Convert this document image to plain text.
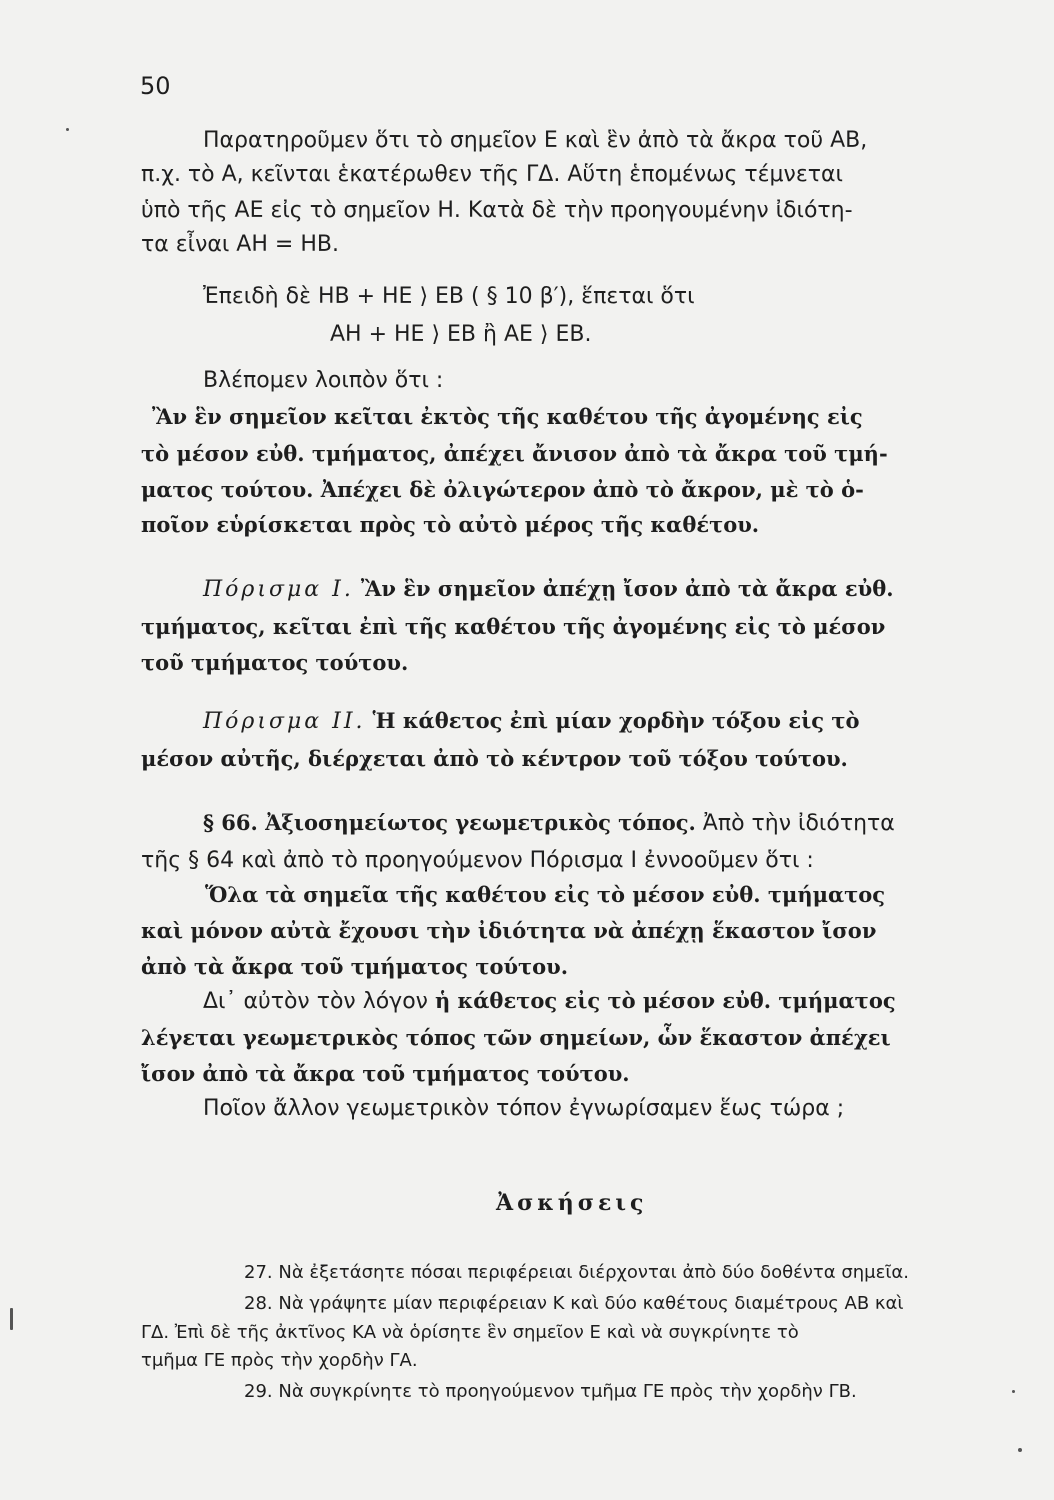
50
Παρατηροῦμεν ὅτι τὸ σημεῖον Ε καὶ ἓν ἀπὸ τὰ ἄκρα τοῦ ΑΒ,
π.χ. τὸ Α, κεῖνται ἑκατέρωθεν τῆς ΓΔ. Αὕτη ἑπομένως τέμνεται
ὑπὸ τῆς ΑΕ εἰς τὸ σημεῖον Η. Κατὰ δὲ τὴν προηγουμένην ἰδιότη-
τα εἶναι ΑΗ = ΗΒ.
Ἐπειδὴ δὲ ΗΒ + ΗΕ ⟩ ΕΒ ( § 10 β′), ἕπεται ὅτι
ΑΗ + ΗΕ ⟩ ΕΒ ἢ ΑΕ ⟩ ΕΒ.
Βλέπομεν λοιπὸν ὅτι :
Ἂν ἓν σημεῖον κεῖται ἐκτὸς τῆς καθέτου τῆς ἀγομένης εἰς
τὸ μέσον εὐθ. τμήματος, ἀπέχει ἄνισον ἀπὸ τὰ ἄκρα τοῦ τμή-
ματος τούτου. Ἀπέχει δὲ ὀλιγώτερον ἀπὸ τὸ ἄκρον, μὲ τὸ ὁ-
ποῖον εὑρίσκεται πρὸς τὸ αὐτὸ μέρος τῆς καθέτου.
Πόρισμα I. Ἂν ἓν σημεῖον ἀπέχῃ ἴσον ἀπὸ τὰ ἄκρα εὐθ.
τμήματος, κεῖται ἐπὶ τῆς καθέτου τῆς ἀγομένης εἰς τὸ μέσον
τοῦ τμήματος τούτου.
Πόρισμα II. Ἡ κάθετος ἐπὶ μίαν χορδὴν τόξου εἰς τὸ
μέσον αὐτῆς, διέρχεται ἀπὸ τὸ κέντρον τοῦ τόξου τούτου.
§ 66. Ἀξιοσημείωτος γεωμετρικὸς τόπος. Ἀπὸ τὴν ἰδιότητα
τῆς § 64 καὶ ἀπὸ τὸ προηγούμενον Πόρισμα I ἐννοοῦμεν ὅτι :
Ὅλα τὰ σημεῖα τῆς καθέτου εἰς τὸ μέσον εὐθ. τμήματος
καὶ μόνον αὐτὰ ἔχουσι τὴν ἰδιότητα νὰ ἀπέχῃ ἕκαστον ἴσον
ἀπὸ τὰ ἄκρα τοῦ τμήματος τούτου.
Δι᾿ αὐτὸν τὸν λόγον ἡ κάθετος εἰς τὸ μέσον εὐθ. τμήματος
λέγεται γεωμετρικὸς τόπος τῶν σημείων, ὧν ἕκαστον ἀπέχει
ἴσον ἀπὸ τὰ ἄκρα τοῦ τμήματος τούτου.
Ποῖον ἄλλον γεωμετρικὸν τόπον ἐγνωρίσαμεν ἕως τώρα ;
Ἀσκήσεις
27. Νὰ ἐξετάσητε πόσαι περιφέρειαι διέρχονται ἀπὸ δύο δοθέντα σημεῖα.
28. Νὰ γράψητε μίαν περιφέρειαν Κ καὶ δύο καθέτους διαμέτρους ΑΒ καὶ
ΓΔ. Ἐπὶ δὲ τῆς ἀκτῖνος ΚΑ νὰ ὁρίσητε ἓν σημεῖον Ε καὶ νὰ συγκρίνητε τὸ
τμῆμα ΓΕ πρὸς τὴν χορδὴν ΓΑ.
29. Νὰ συγκρίνητε τὸ προηγούμενον τμῆμα ΓΕ πρὸς τὴν χορδὴν ΓΒ.
